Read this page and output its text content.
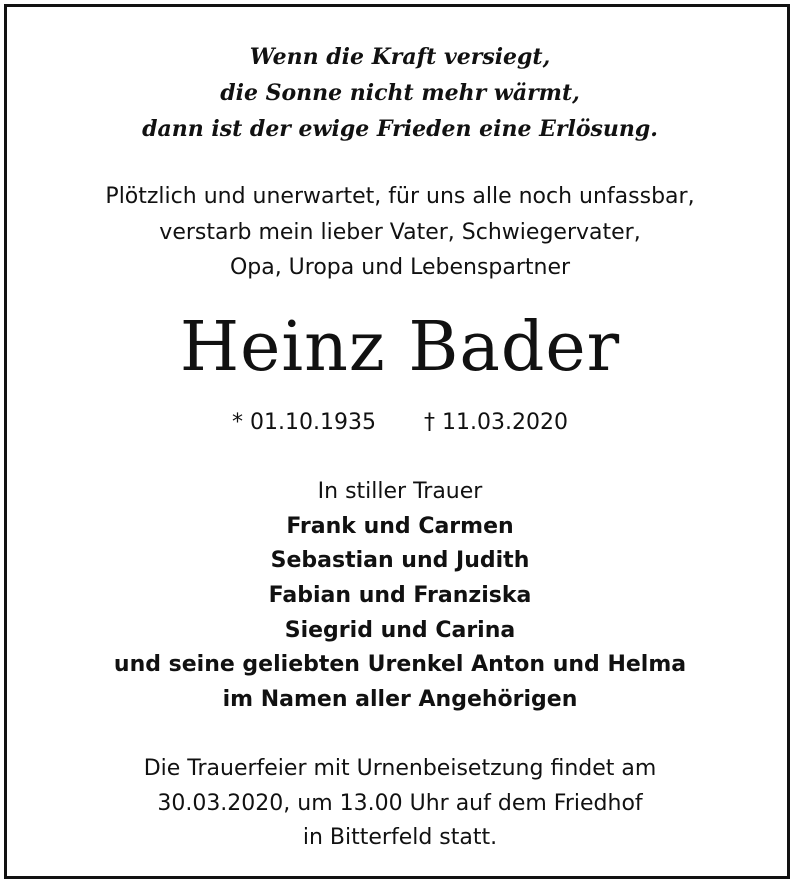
Wenn die Kraft versiegt,
die Sonne nicht mehr wärmt,
dann ist der ewige Frieden eine Erlösung.
Plötzlich und unerwartet, für uns alle noch unfassbar,
verstarb mein lieber Vater, Schwiegervater,
Opa, Uropa und Lebenspartner
Heinz Bader
* 01.10.1935 † 11.03.2020
In stiller Trauer
Frank und Carmen
Sebastian und Judith
Fabian und Franziska
Siegrid und Carina
und seine geliebten Urenkel Anton und Helma
im Namen aller Angehörigen
Die Trauerfeier mit Urnenbeisetzung findet am
30.03.2020, um 13.00 Uhr auf dem Friedhof
in Bitterfeld statt.
